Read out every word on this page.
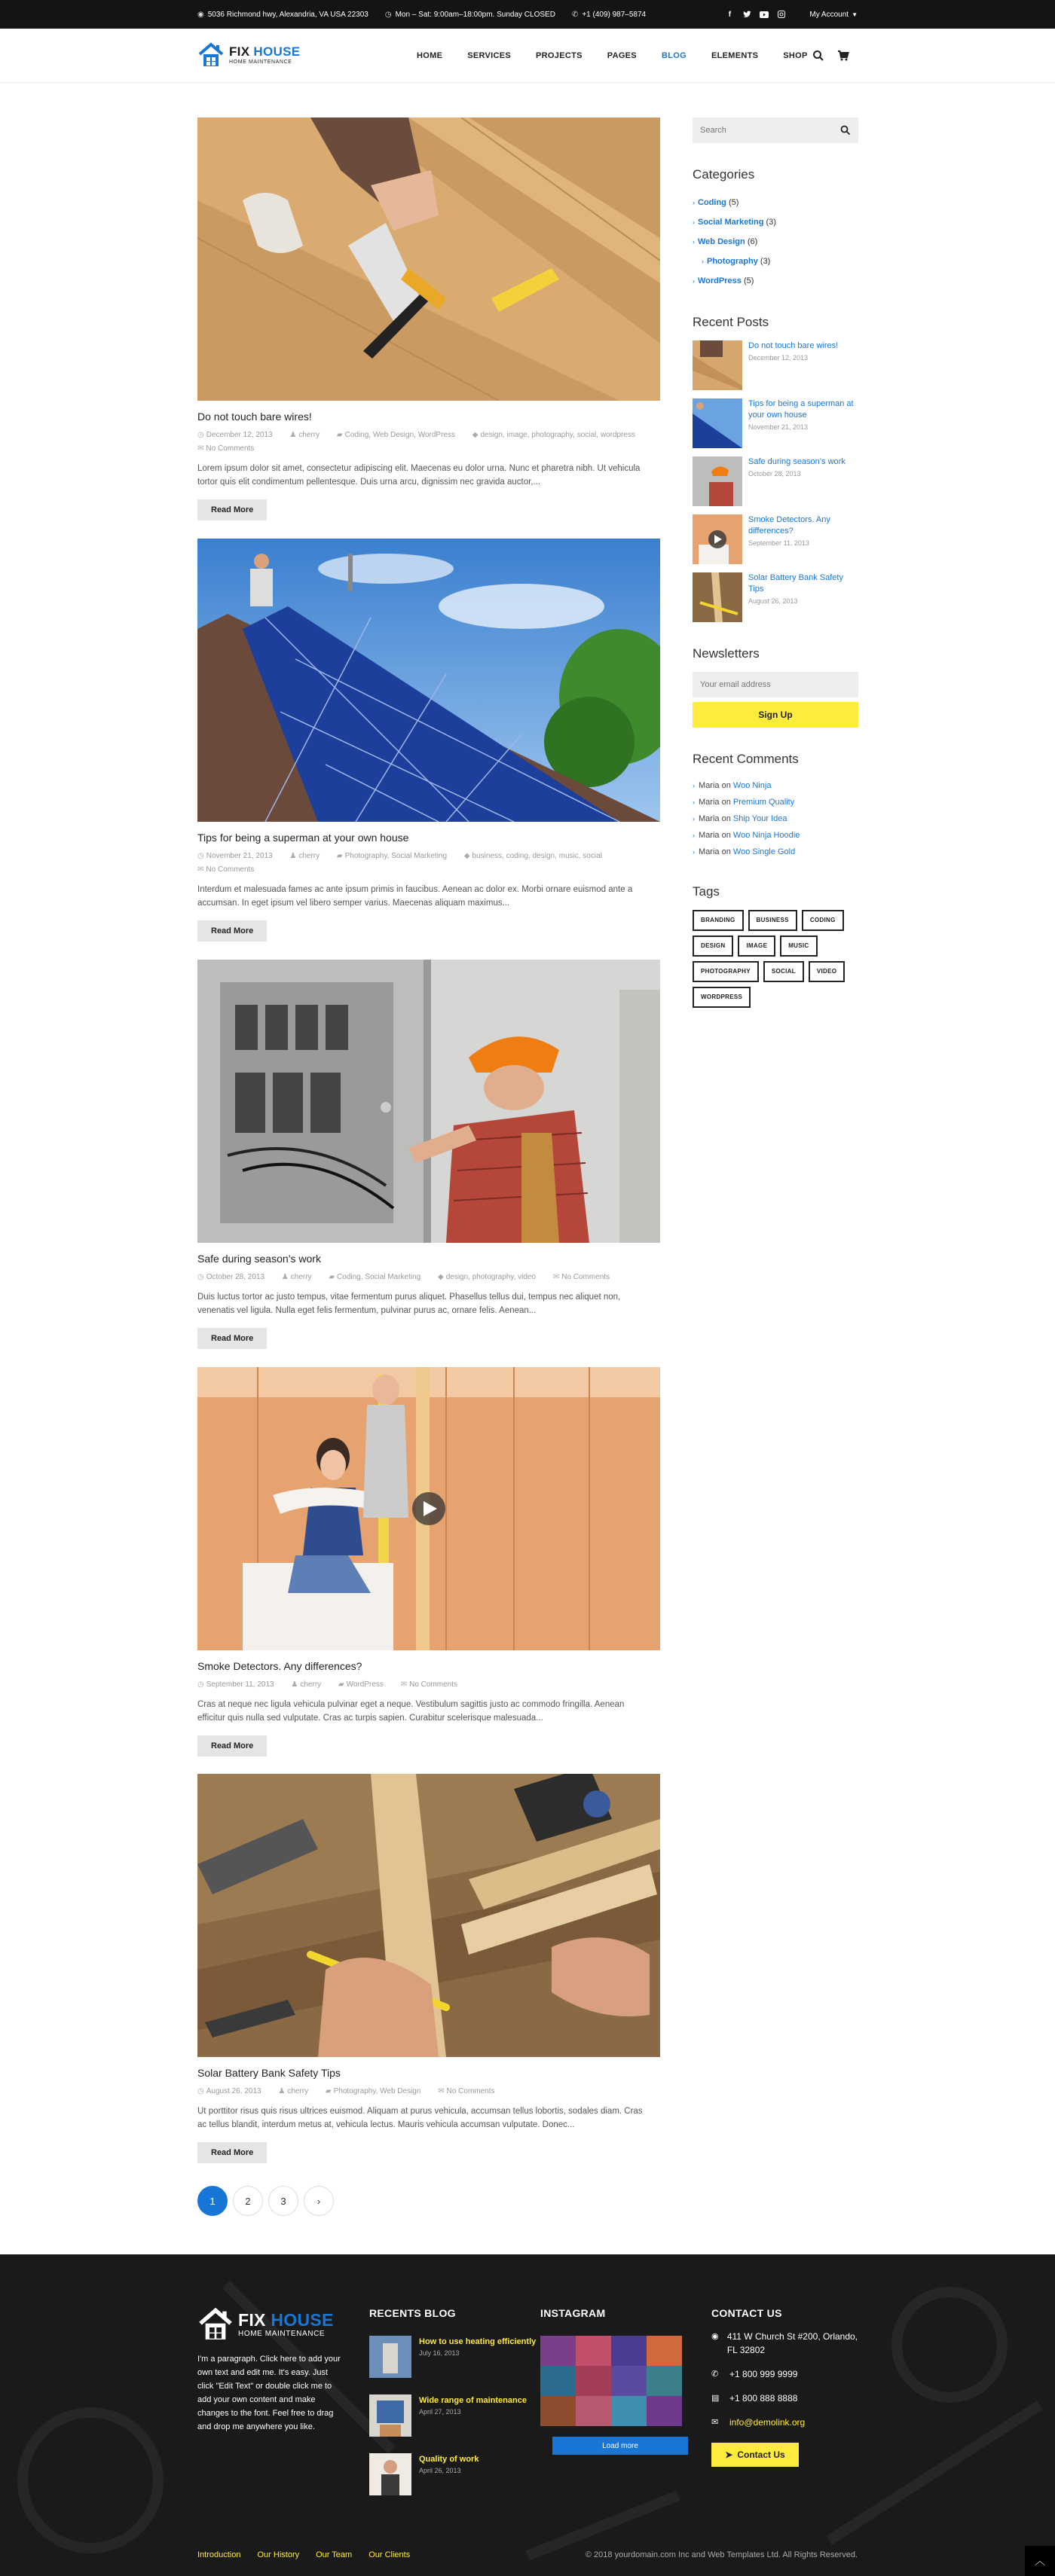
◉ 5036 Richmond hwy, Alexandria, VA USA 22303 ◷ Mon – Sat: 9:00am–18:00pm. Sunday CLOSED ✆ +1 (409) 987–5874	f	My Account ▼
FIX HOUSE
HOME MAINTENANCE
HOME	SERVICES	PROJECTS	PAGES	BLOG	ELEMENTS	SHOP
Do not touch bare wires!
◷ December 12, 2013 ♟ cherry ▰ Coding, Web Design, WordPress ◆ design, image, photography, social, wordpress
✉ No Comments
Lorem ipsum dolor sit amet, consectetur adipiscing elit. Maecenas eu dolor urna. Nunc et pharetra nibh. Ut vehicula tortor quis elit condimentum pellentesque. Duis urna arcu, dignissim nec gravida auctor,...
Read More
Tips for being a superman at your own house
◷ November 21, 2013 ♟ cherry ▰ Photography, Social Marketing ◆ business, coding, design, music, social
✉ No Comments
Interdum et malesuada fames ac ante ipsum primis in faucibus. Aenean ac dolor ex. Morbi ornare euismod ante a accumsan. In eget ipsum vel libero semper varius. Maecenas aliquam maximus...
Read More
Safe during season’s work
◷ October 28, 2013 ♟ cherry ▰ Coding, Social Marketing ◆ design, photography, video ✉ No Comments
Duis luctus tortor ac justo tempus, vitae fermentum purus aliquet. Phasellus tellus dui, tempus nec aliquet non, venenatis vel ligula. Nulla eget felis fermentum, pulvinar purus ac, ornare felis. Aenean...
Read More
Smoke Detectors. Any differences?
◷ September 11, 2013 ♟ cherry ▰ WordPress ✉ No Comments
Cras at neque nec ligula vehicula pulvinar eget a neque. Vestibulum sagittis justo ac commodo fringilla. Aenean efficitur quis nulla sed vulputate. Cras ac turpis sapien. Curabitur scelerisque malesuada...
Read More
Solar Battery Bank Safety Tips
◷ August 26, 2013 ♟ cherry ▰ Photography, Web Design ✉ No Comments
Ut porttitor risus quis risus ultrices euismod. Aliquam at purus vehicula, accumsan tellus lobortis, sodales diam. Cras ac tellus blandit, interdum metus at, vehicula lectus. Mauris vehicula accumsan vulputate. Donec...
Read More
1	2	3	›
Search
Categories
› Coding (5)
› Social Marketing (3)
› Web Design (6)
› Photography (3)
› WordPress (5)
Recent Posts
Do not touch bare wires!
December 12, 2013
Tips for being a superman at your own house
November 21, 2013
Safe during season’s work
October 28, 2013
Smoke Detectors. Any differences?
September 11, 2013
Solar Battery Bank Safety Tips
August 26, 2013
Newsletters
Your email address
Sign Up
Recent Comments
› Maria on Woo Ninja
› Maria on Premium Quality
› Maria on Ship Your Idea
› Maria on Woo Ninja Hoodie
› Maria on Woo Single Gold
Tags
BRANDING	BUSINESS	CODING
DESIGN	IMAGE	MUSIC
PHOTOGRAPHY	SOCIAL	VIDEO
WORDPRESS
FIX HOUSE
HOME MAINTENANCE
I'm a paragraph. Click here to add your own text and edit me. It's easy. Just click "Edit Text" or double click me to add your own content and make changes to the font. Feel free to drag and drop me anywhere you like.
RECENTS BLOG
How to use heating efficiently
July 16, 2013
Wide range of maintenance
April 27, 2013
Quality of work
April 26, 2013
INSTAGRAM
Load more
CONTACT US
◉ 411 W Church St #200, Orlando, FL 32802
✆	+1 800 999 9999
▤ +1 800 888 8888
✉	info@demolink.org
➤ Contact Us
Introduction Our History Our Team Our Clients	© 2018 yourdomain.com Inc and Web Templates Ltd. All Rights Reserved.	︿
